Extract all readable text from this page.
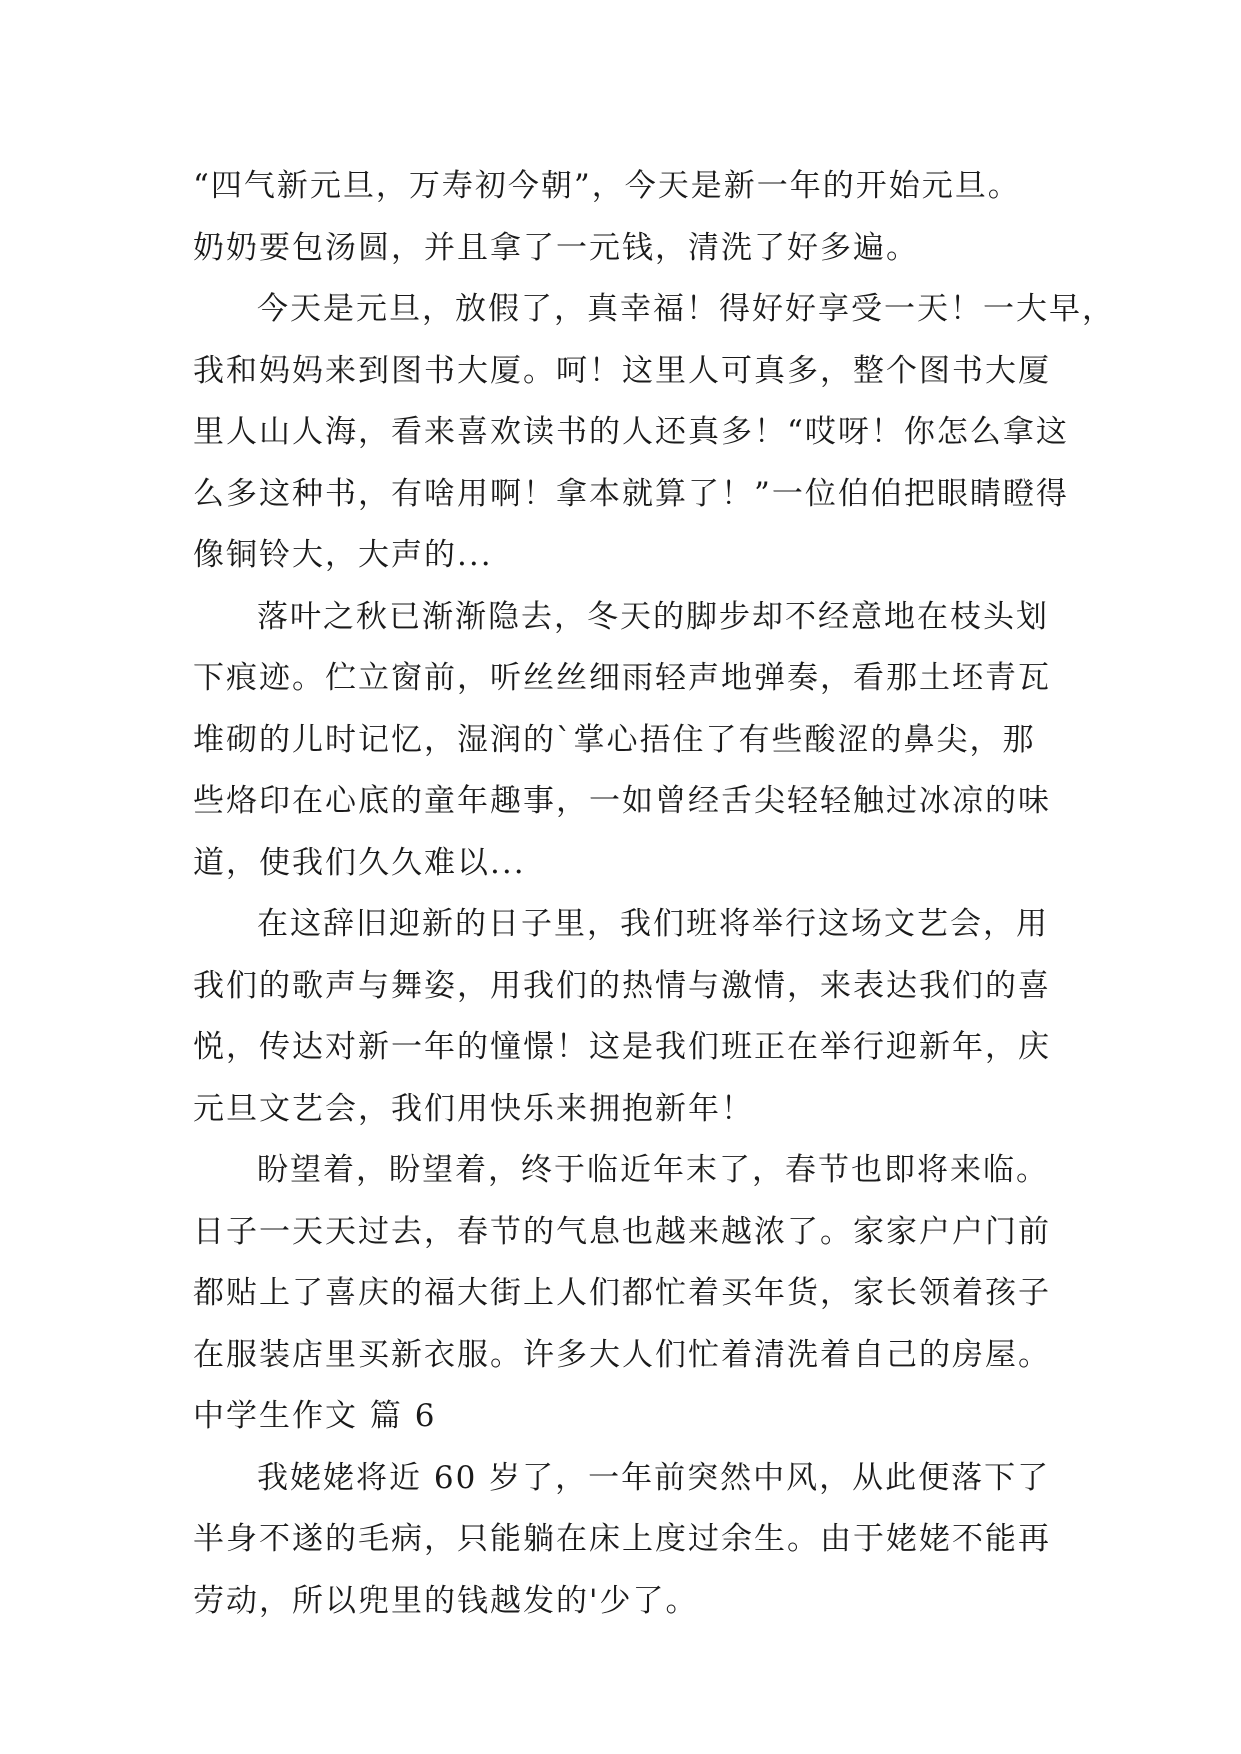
“四气新元旦，万寿初今朝”，今天是新一年的开始元旦。
奶奶要包汤圆，并且拿了一元钱，清洗了好多遍。
今天是元旦，放假了，真幸福！得好好享受一天！一大早，
我和妈妈来到图书大厦。呵！这里人可真多，整个图书大厦
里人山人海，看来喜欢读书的人还真多！“哎呀！你怎么拿这
么多这种书，有啥用啊！拿本就算了！”一位伯伯把眼睛瞪得
像铜铃大，大声的...
落叶之秋已渐渐隐去，冬天的脚步却不经意地在枝头划
下痕迹。伫立窗前，听丝丝细雨轻声地弹奏，看那土坯青瓦
堆砌的儿时记忆，湿润的`掌心捂住了有些酸涩的鼻尖，那
些烙印在心底的童年趣事，一如曾经舌尖轻轻触过冰凉的味
道，使我们久久难以...
在这辞旧迎新的日子里，我们班将举行这场文艺会，用
我们的歌声与舞姿，用我们的热情与激情，来表达我们的喜
悦，传达对新一年的憧憬！这是我们班正在举行迎新年，庆
元旦文艺会，我们用快乐来拥抱新年！
盼望着，盼望着，终于临近年末了，春节也即将来临。
日子一天天过去，春节的气息也越来越浓了。家家户户门前
都贴上了喜庆的福大街上人们都忙着买年货，家长领着孩子
在服装店里买新衣服。许多大人们忙着清洗着自己的房屋。
中学生作文 篇 6
我姥姥将近 60 岁了，一年前突然中风，从此便落下了
半身不遂的毛病，只能躺在床上度过余生。由于姥姥不能再
劳动，所以兜里的钱越发的'少了。
